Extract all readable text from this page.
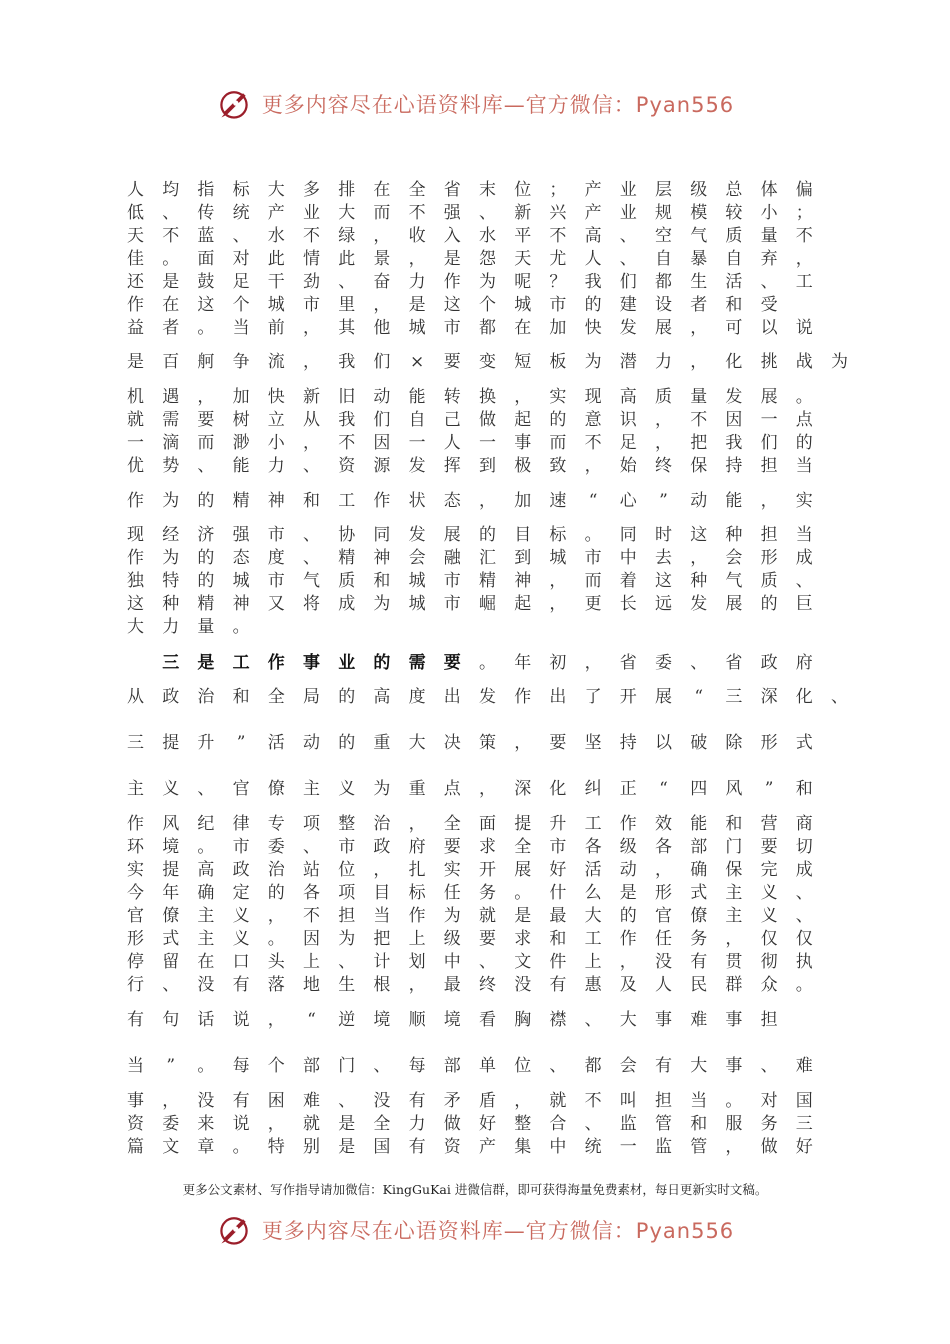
更多内容尽在心语资料库—官方微信：Pyan556
人	均	指	标	大	多	排	在	全	省	末	位	；	产	业	层	级	总	体	偏
低	、	传	统	产	业	大	而	不	强	、	新	兴	产	业	规	模	较	小	；
天	不	蓝	、	水	不	绿	，	收	入	水	平	不	高	、	空	气	质	量	不
佳	。	面	对	此	情	此	景	，	是	怨	天	尤	人	、	自	暴	自	弃	，
还	是	鼓	足	干	劲	、	奋	力	作	为	呢	？	我	们	都	生	活	、	工
作	在	这	个	城	市	里	，	是	这	个	城	市	的	建	设	者	和	受
益	者	。	当	前	，	其	他	城	市	都	在	加	快	发	展	，	可	以	说
是	百	舸	争	流	，	我	们	×	要	变	短	板	为	潜	力	，	化	挑	战	为
机	遇	，	加	快	新	旧	动	能	转	换	，	实	现	高	质	量	发	展	。
就	需	要	树	立	从	我	们	自	己	做	起	的	意	识	，	不	因	一	点
一	滴	而	渺	小	，	不	因	一	人	一	事	而	不	足	，	把	我	们	的
优	势	、	能	力	、	资	源	发	挥	到	极	致	，	始	终	保	持	担	当
作	为	的	精	神	和	工	作	状	态	，	加	速	“	心	”	动	能	，	实
现	经	济	强	市	、	协	同	发	展	的	目	标	。	同	时	这	种	担	当
作	为	的	态	度	、	精	神	会	融	汇	到	城	市	中	去	，	会	形	成
独	特	的	城	市	气	质	和	城	市	精	神	，	而	着	这	种	气	质	、
这	种	精	神	又	将	成	为	城	市	崛	起	，	更	长	远	发	展	的	巨
大	力	量	。
三	是	工	作	事	业	的	需	要	。	年	初	，	省	委	、	省	政	府
从	政	治	和	全	局	的	高	度	出	发	作	出	了	开	展	“	三	深	化	、
三	提	升	”	活	动	的	重	大	决	策	，	要	坚	持	以	破	除	形	式
主	义	、	官	僚	主	义	为	重	点	，	深	化	纠	正	“	四	风	”	和
作	风	纪	律	专	项	整	治	，	全	面	提	升	工	作	效	能	和	营	商
环	境	。	市	委	、	市	政	府	要	求	全	市	各	级	各	部	门	要	切
实	提	高	政	治	站	位	，	扎	实	开	展	好	活	动	，	确	保	完	成
今	年	确	定	的	各	项	目	标	任	务	。	什	么	是	形	式	主	义	、
官	僚	主	义	，	不	担	当	作	为	就	是	最	大	的	官	僚	主	义	、
形	式	主	义	。	因	为	把	上	级	要	求	和	工	作	任	务	，	仅	仅
停	留	在	口	头	上	、	计	划	中	、	文	件	上	，	没	有	贯	彻	执
行	、	没	有	落	地	生	根	，	最	终	没	有	惠	及	人	民	群	众	。
有	句	话	说	，	“	逆	境	顺	境	看	胸	襟	、	大	事	难	事	担
当	”	。	每	个	部	门	、	每	部	单	位	、	都	会	有	大	事	、	难
事	，	没	有	困	难	、	没	有	矛	盾	，	就	不	叫	担	当	。	对	国
资	委	来	说	，	就	是	全	力	做	好	整	合	、	监	管	和	服	务	三
篇	文	章	。	特	别	是	国	有	资	产	集	中	统	一	监	管	，	做	好
更多公文素材、写作指导请加微信：KingGuKai 进微信群，即可获得海量免费素材，每日更新实时文稿。
更多内容尽在心语资料库—官方微信：Pyan556
